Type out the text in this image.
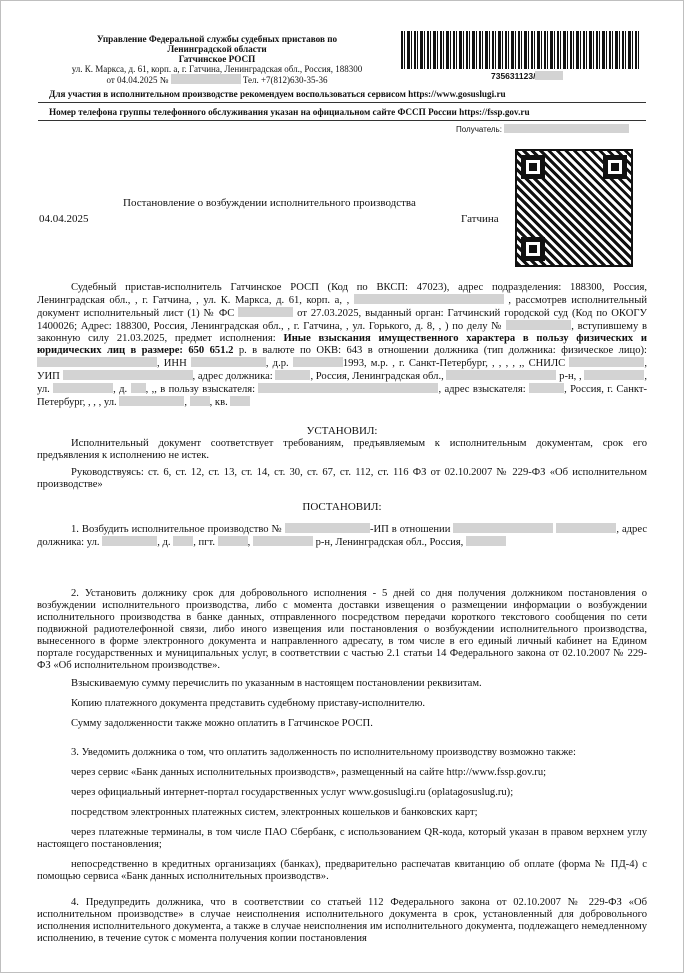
Управление Федеральной службы судебных приставов по
Ленинградской области
Гатчинское РОСП
ул. К. Маркса, д. 61, корп. а, г. Гатчина, Ленинградская обл., Россия, 188300
от 04.04.2025 №	Тел. +7(812)630-35-36	735631123/
Для участия в исполнительном производстве рекомендуем воспользоваться сервисом https://www.gosuslugi.ru
Номер телефона группы телефонного обслуживания указан на официальном сайте ФССП России https://fssp.gov.ru
Получатель:
Постановление о возбуждении исполнительного производства
04.04.2025	Гатчина

Судебный пристав-исполнитель Гатчинское РОСП (Код по ВКСП: 47023), адрес подразделения: 188300, Россия, Ленинградская обл., , г. Гатчина, , ул. К. Маркса, д. 61, корп. а, ,	, рассмотрев исполнительный документ исполнительный лист (1) № ФС	от 27.03.2025, выданный орган: Гатчинский городской суд (Код по ОКОГУ 1400026; Адрес: 188300, Россия, Ленинградская обл., , г. Гатчина, , ул. Горького, д. 8, , ) по делу №	, вступившему в законную силу 21.03.2025, предмет исполнения: Иные взыскания имущественного характера в пользу физических и юридических лиц в размере: 650 651.2 р. в валюте по ОКВ: 643 в отношении должника (тип должника: физическое лицо): , ИНН	, д.р.	1993, м.р. , г. Санкт-Петербург, , , , , ,, СНИЛС	, УИП	, адрес должника:	, Россия, Ленинградская обл.,	р-н, ,	, ул.	, д. , ,, в пользу взыскателя:	, адрес взыскателя:	, Россия, г. Санкт-Петербург, , , , ул.	, , кв.

УСТАНОВИЛ:

Исполнительный документ соответствует требованиям, предъявляемым к исполнительным документам, срок его предъявления к исполнению не истек.

Руководствуясь: ст. 6, ст. 12, ст. 13, ст. 14, ст. 30, ст. 67, ст. 112, ст. 116 ФЗ от 02.10.2007 № 229-ФЗ «Об исполнительном производстве»

ПОСТАНОВИЛ:

1. Возбудить исполнительное производство №	-ИП в отношении	, адрес должника: ул.	, д. , пгт.	,	р-н, Ленинградская обл., Россия,

2. Установить должнику срок для добровольного исполнения - 5 дней со дня получения должником постановления о возбуждении исполнительного производства, либо с момента доставки извещения о размещении информации о возбуждении исполнительного производства в банке данных, отправленного посредством передачи короткого текстового сообщения по сети подвижной радиотелефонной связи, либо иного извещения или постановления о возбуждении исполнительного производства, вынесенного в форме электронного документа и направленного адресату, в том числе в его единый личный кабинет на Едином портале государственных и муниципальных услуг, в соответствии с частью 2.1 статьи 14 Федерального закона от 02.10.2007 № 229-ФЗ «Об исполнительном производстве».

Взыскиваемую сумму перечислить по указанным в настоящем постановлении реквизитам.

Копию платежного документа представить судебному приставу-исполнителю.

Сумму задолженности также можно оплатить в Гатчинское РОСП.

3. Уведомить должника о том, что оплатить задолженность по исполнительному производству возможно также:

через сервис «Банк данных исполнительных производств», размещенный на сайте http://www.fssp.gov.ru;

через официальный интернет-портал государственных услуг www.gosuslugi.ru (oplatagosuslug.ru);

посредством электронных платежных систем, электронных кошельков и банковских карт;

через платежные терминалы, в том числе ПАО Сбербанк, с использованием QR-кода, который указан в правом верхнем углу настоящего постановления;

непосредственно в кредитных организациях (банках), предварительно распечатав квитанцию об оплате (форма № ПД-4) с помощью сервиса «Банк данных исполнительных производств».

4. Предупредить должника, что в соответствии со статьей 112 Федерального закона от 02.10.2007 № 229-ФЗ «Об исполнительном производстве» в случае неисполнения исполнительного документа в срок, установленный для добровольного исполнения исполнительного документа, а также в случае неисполнения им исполнительного документа, подлежащего немедленному исполнению, в течение суток с момента получения копии постановления
